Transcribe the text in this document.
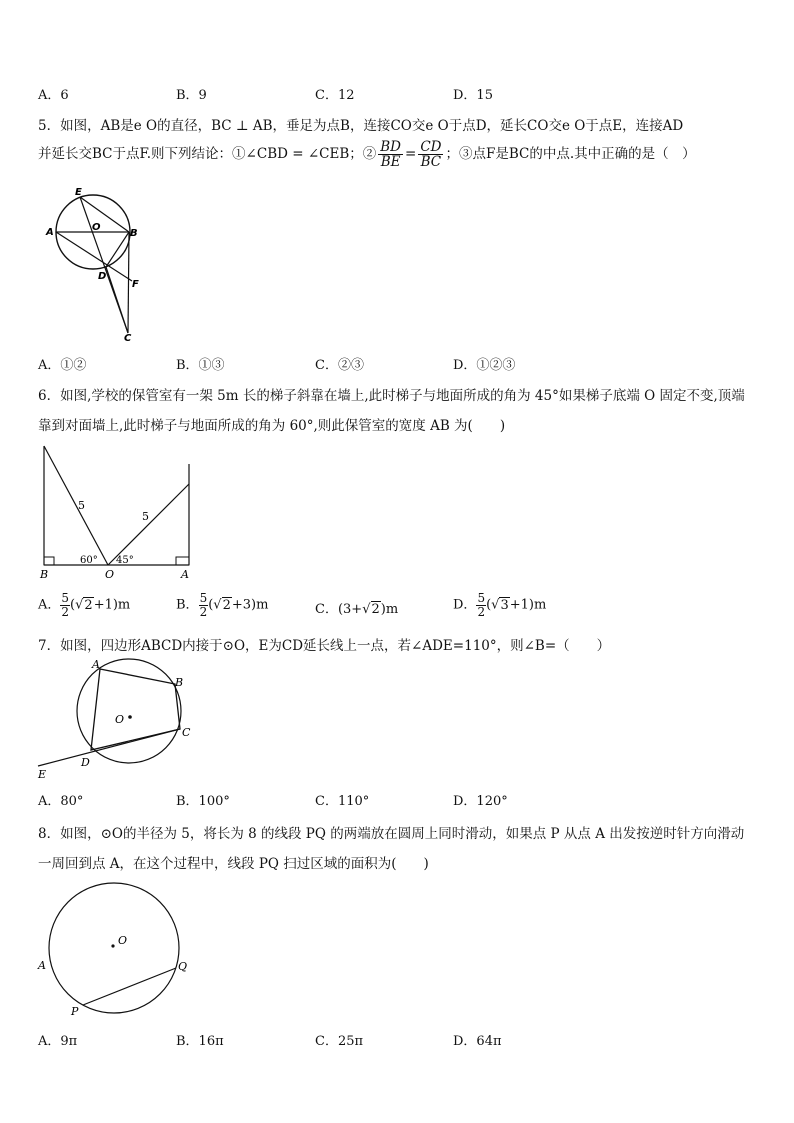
A．6	B．9	C．12	D．15
5．如图，AB是e O的直径，BC ⊥ AB，垂足为点B，连接CO交e O于点D，延长CO交e O于点E，连接AD
并延长交BC于点F.则下列结论：①∠CBD = ∠CEB；② $\frac{BD}{BE} = \frac{CD}{BC}$ ；③点F是BC的中点.其中正确的是（　）
E
A	O
B
D
F
C
A．①②	B．①③	C．②③	D．①②③
6．如图,学校的保管室有一架 5m 长的梯子斜靠在墙上,此时梯子与地面所成的角为 45°如果梯子底端 O 固定不变,顶端
靠到对面墙上,此时梯子与地面所成的角为 60°,则此保管室的宽度 AB 为(　　)
5
5
60° 45°
B	O	A
A． $\frac{5}{2} (√2+1)m$	B． $\frac{5}{2} (√2+3)m$	C．(3+√2)m	D． $\frac{5}{2} (√3+1)m$
7．如图，四边形ABCD内接于⊙O，E为CD延长线上一点，若∠ADE=110°，则∠B=（　　）
A
B
O
C
D
E
A．80°	B．100°	C．110°	D．120°
8．如图，⊙O的半径为 5，将长为 8 的线段 PQ 的两端放在圆周上同时滑动，如果点 P 从点 A 出发按逆时针方向滑动
一周回到点 A，在这个过程中，线段 PQ 扫过区域的面积为(　　)
O
A	Q
P
A．9π	B．16π	C．25π	D．64π
